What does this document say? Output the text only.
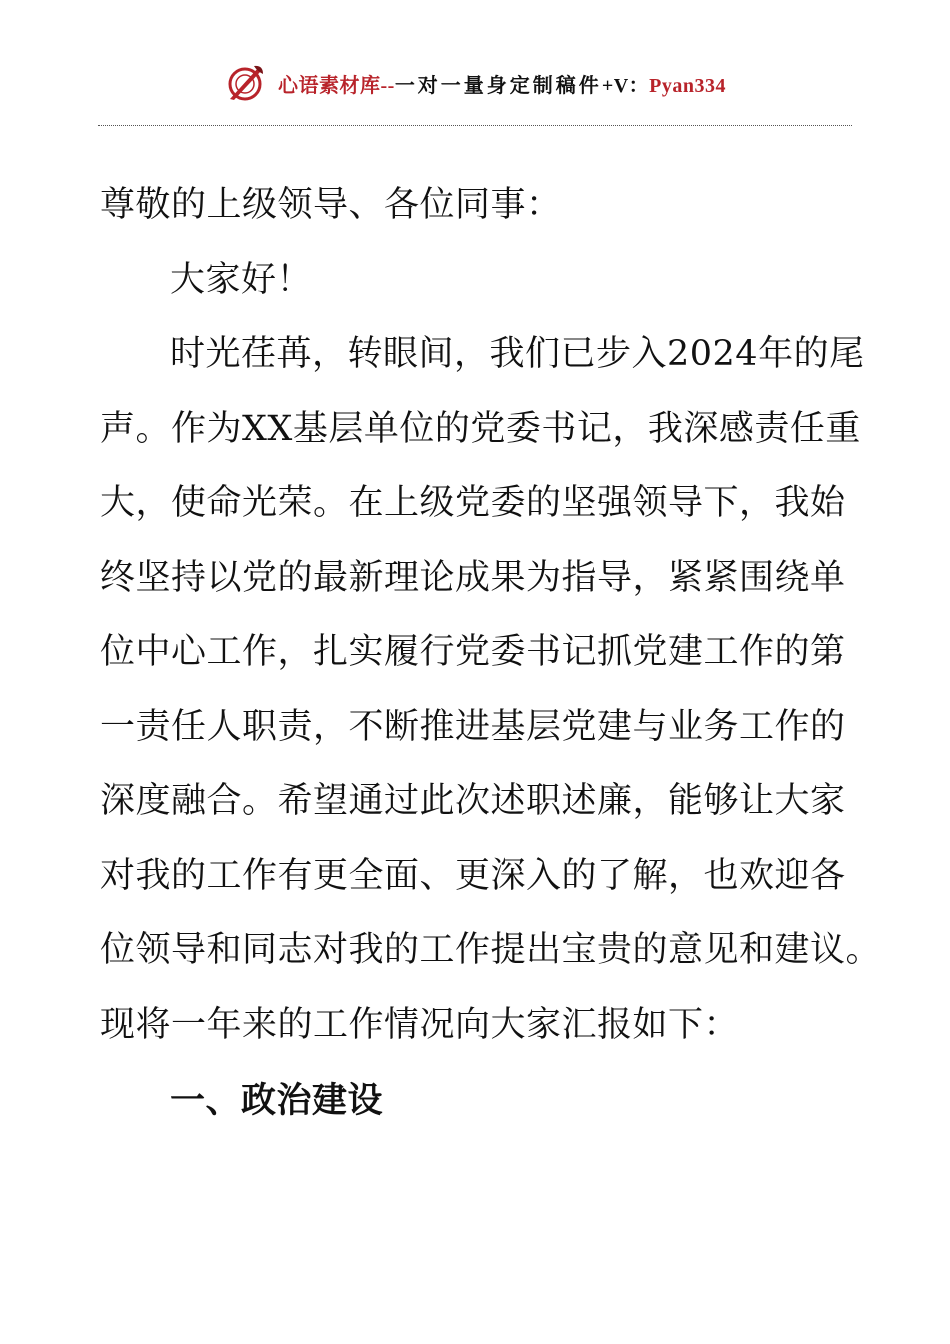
心语素材库--一对一量身定制稿件+V：Pyan334
尊敬的上级领导、各位同事：
大家好！
时光荏苒，转眼间，我们已步入2024年的尾
声。作为XX基层单位的党委书记，我深感责任重
大，使命光荣。在上级党委的坚强领导下，我始
终坚持以党的最新理论成果为指导，紧紧围绕单
位中心工作，扎实履行党委书记抓党建工作的第
一责任人职责，不断推进基层党建与业务工作的
深度融合。希望通过此次述职述廉，能够让大家
对我的工作有更全面、更深入的了解，也欢迎各
位领导和同志对我的工作提出宝贵的意见和建议。
现将一年来的工作情况向大家汇报如下：
一、政治建设
